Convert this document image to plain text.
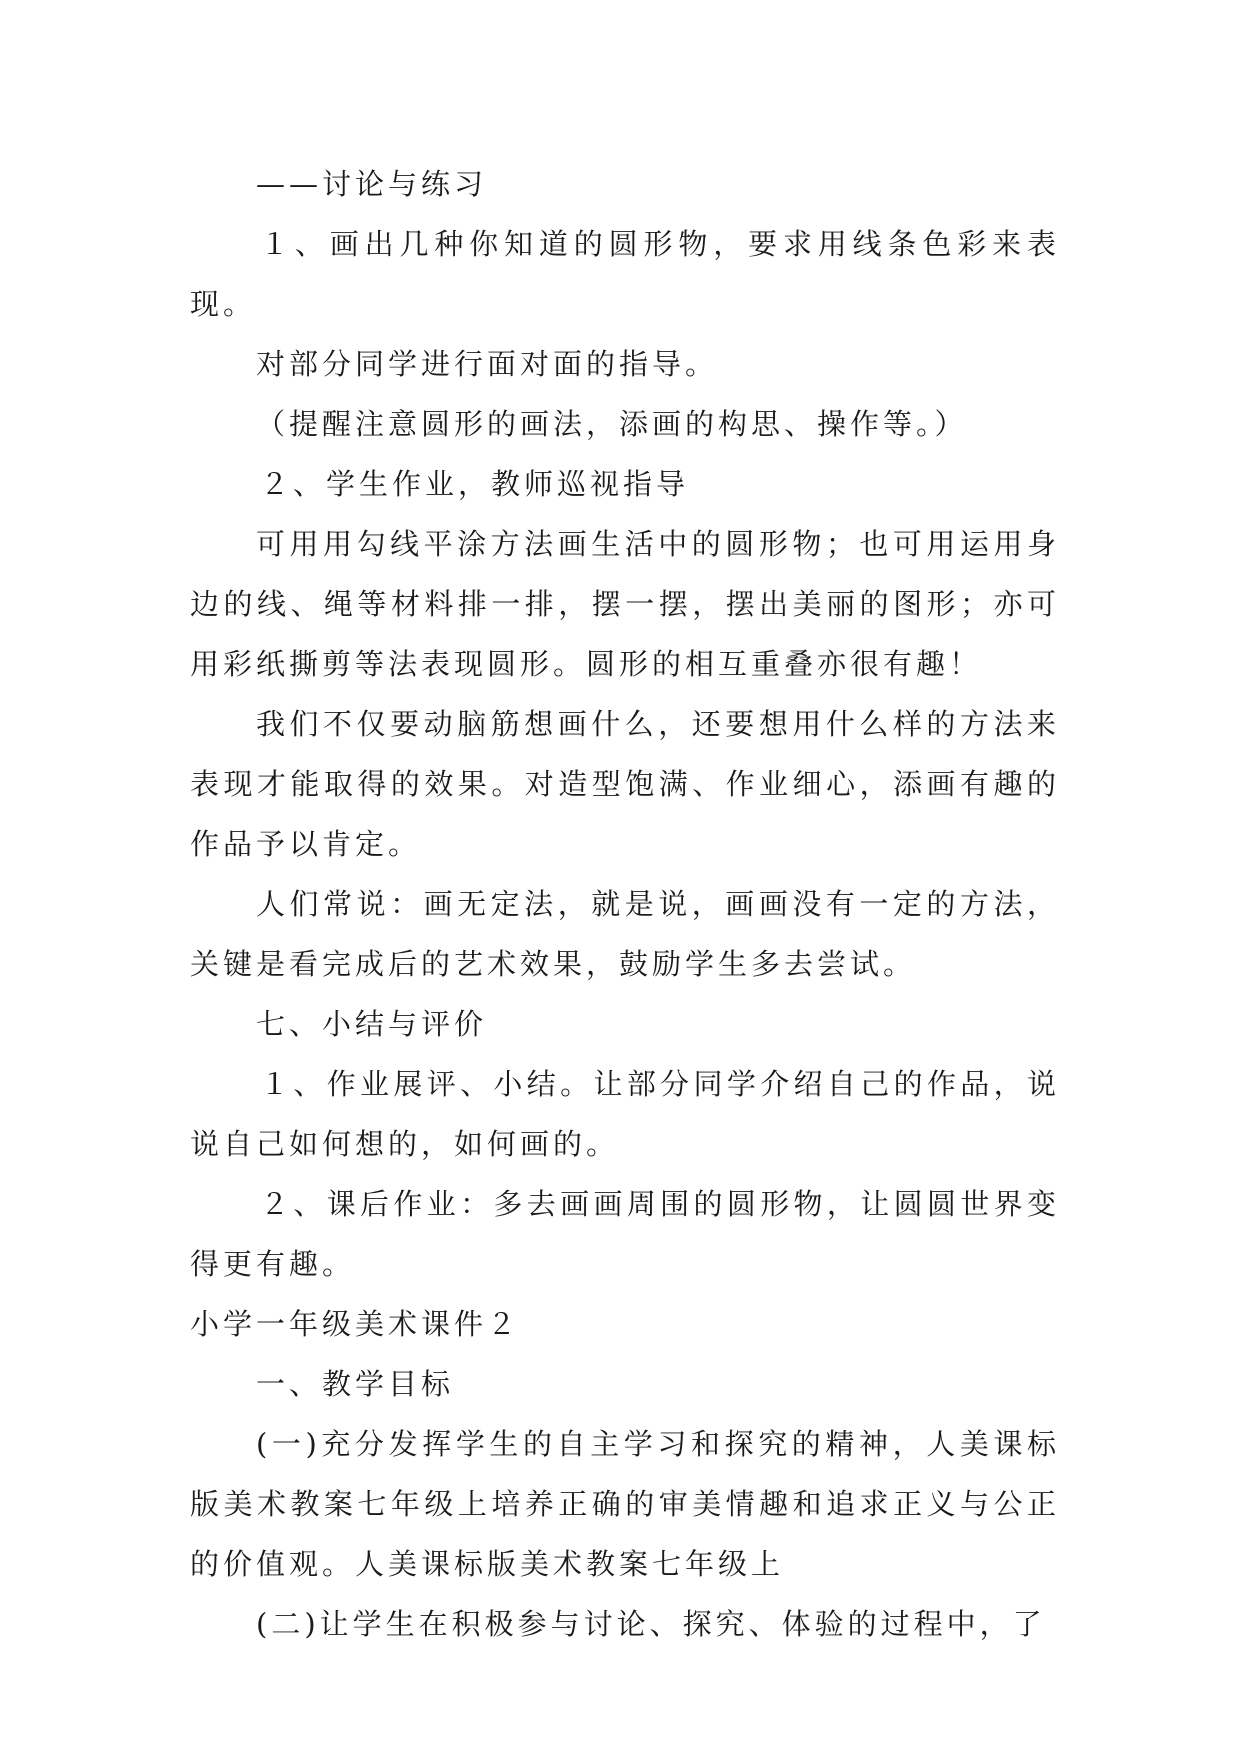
——讨论与练习

１、画出几种你知道的圆形物，要求用线条色彩来表现。

对部分同学进行面对面的指导。

（提醒注意圆形的画法，添画的构思、操作等。）

２、学生作业，教师巡视指导

可用用勾线平涂方法画生活中的圆形物；也可用运用身边的线、绳等材料排一排，摆一摆，摆出美丽的图形；亦可用彩纸撕剪等法表现圆形。圆形的相互重叠亦很有趣！

我们不仅要动脑筋想画什么，还要想用什么样的方法来表现才能取得的效果。对造型饱满、作业细心，添画有趣的作品予以肯定。

人们常说：画无定法，就是说，画画没有一定的方法，关键是看完成后的艺术效果，鼓励学生多去尝试。

七、小结与评价

１、作业展评、小结。让部分同学介绍自己的作品，说说自己如何想的，如何画的。

２、课后作业：多去画画周围的圆形物，让圆圆世界变得更有趣。

小学一年级美术课件２

一、教学目标

(一)充分发挥学生的自主学习和探究的精神，人美课标版美术教案七年级上培养正确的审美情趣和追求正义与公正的价值观。人美课标版美术教案七年级上

(二)让学生在积极参与讨论、探究、体验的过程中，了
